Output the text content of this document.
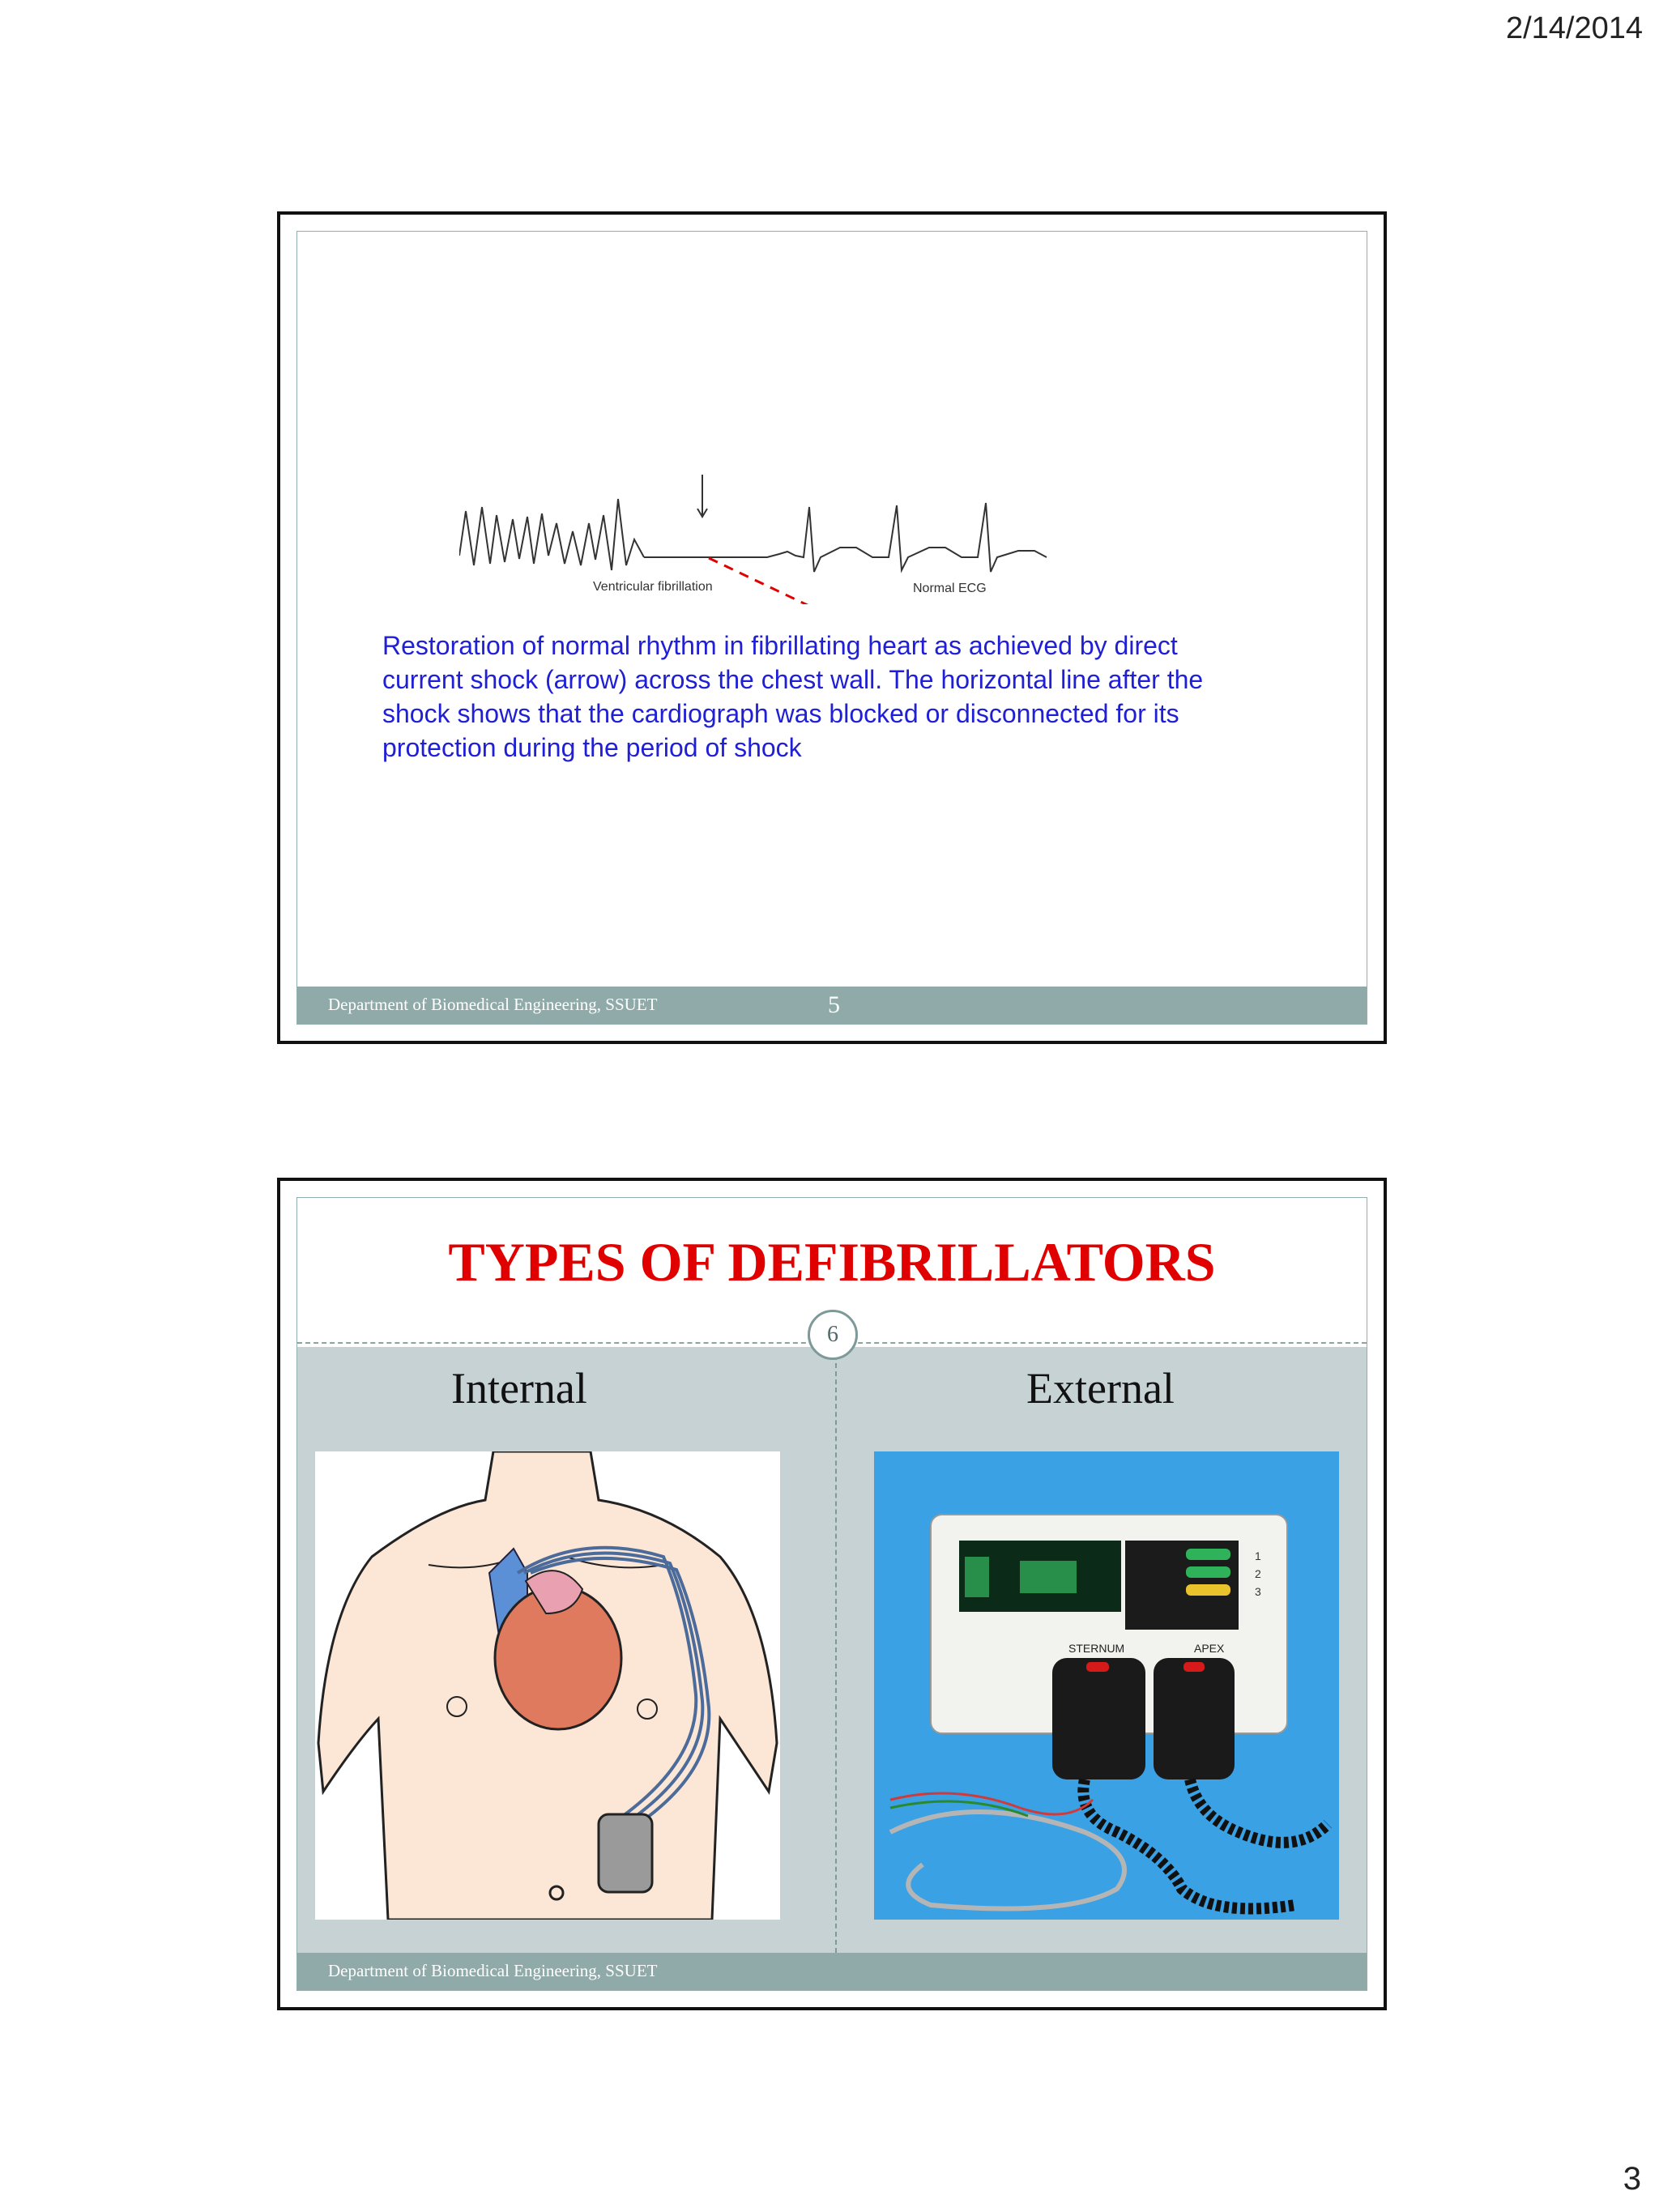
2/14/2014
Ventricular fibrillation	Normal ECG
Restoration of normal rhythm in fibrillating heart as achieved by direct
current shock (arrow) across the chest wall. The horizontal line after the
shock shows that the cardiograph was blocked or disconnected for its
protection during the period of shock
Department of Biomedical Engineering, SSUET	5
TYPES OF DEFIBRILLATORS
6
Internal	External
1
2
3
STERNUM	APEX
Department of Biomedical Engineering, SSUET
3
